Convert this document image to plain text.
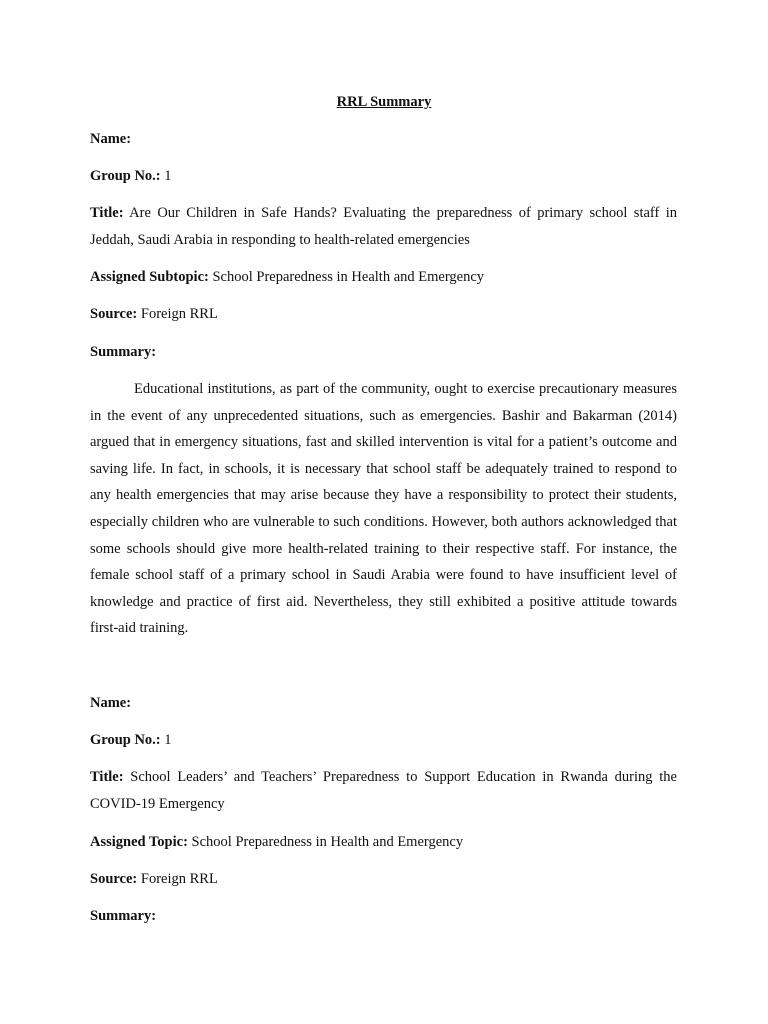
RRL Summary
Name:
Group No.: 1
Title: Are Our Children in Safe Hands? Evaluating the preparedness of primary school staff in Jeddah, Saudi Arabia in responding to health-related emergencies
Assigned Subtopic: School Preparedness in Health and Emergency
Source: Foreign RRL
Summary:

Educational institutions, as part of the community, ought to exercise precautionary measures in the event of any unprecedented situations, such as emergencies. Bashir and Bakarman (2014) argued that in emergency situations, fast and skilled intervention is vital for a patient’s outcome and saving life. In fact, in schools, it is necessary that school staff be adequately trained to respond to any health emergencies that may arise because they have a responsibility to protect their students, especially children who are vulnerable to such conditions. However, both authors acknowledged that some schools should give more health-related training to their respective staff. For instance, the female school staff of a primary school in Saudi Arabia were found to have insufficient level of knowledge and practice of first aid. Nevertheless, they still exhibited a positive attitude towards first-aid training.

Name:
Group No.: 1
Title: School Leaders’ and Teachers’ Preparedness to Support Education in Rwanda during the COVID-19 Emergency
Assigned Topic: School Preparedness in Health and Emergency
Source: Foreign RRL
Summary:
